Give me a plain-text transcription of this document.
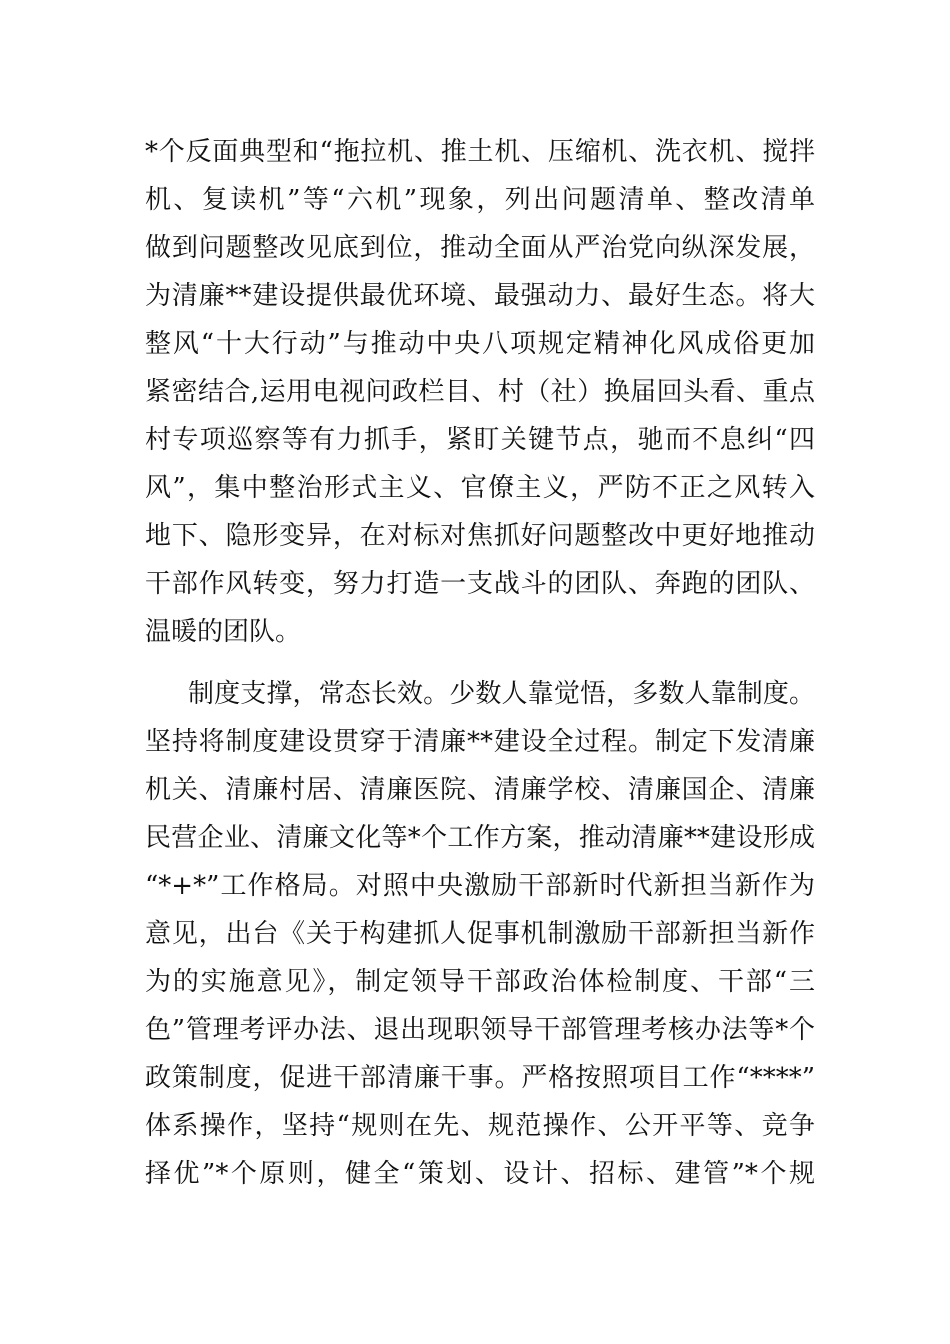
*个反面典型和“拖拉机、推土机、压缩机、洗衣机、搅拌
机、复读机”等“六机”现象，列出问题清单、整改清单
做到问题整改见底到位，推动全面从严治党向纵深发展，
为清廉**建设提供最优环境、最强动力、最好生态。将大
整风“十大行动”与推动中央八项规定精神化风成俗更加
紧密结合,运用电视问政栏目、村（社）换届回头看、重点
村专项巡察等有力抓手，紧盯关键节点，驰而不息纠“四
风”，集中整治形式主义、官僚主义，严防不正之风转入
地下、隐形变异，在对标对焦抓好问题整改中更好地推动
干部作风转变，努力打造一支战斗的团队、奔跑的团队、
温暖的团队。
制度支撑，常态长效。少数人靠觉悟，多数人靠制度。
坚持将制度建设贯穿于清廉**建设全过程。制定下发清廉
机关、清廉村居、清廉医院、清廉学校、清廉国企、清廉
民营企业、清廉文化等*个工作方案，推动清廉**建设形成
“*+*”工作格局。对照中央激励干部新时代新担当新作为
意见，出台《关于构建抓人促事机制激励干部新担当新作
为的实施意见》，制定领导干部政治体检制度、干部“三
色”管理考评办法、退出现职领导干部管理考核办法等*个
政策制度，促进干部清廉干事。严格按照项目工作“****”
体系操作，坚持“规则在先、规范操作、公开平等、竞争
择优”*个原则，健全“策划、设计、招标、建管”*个规
